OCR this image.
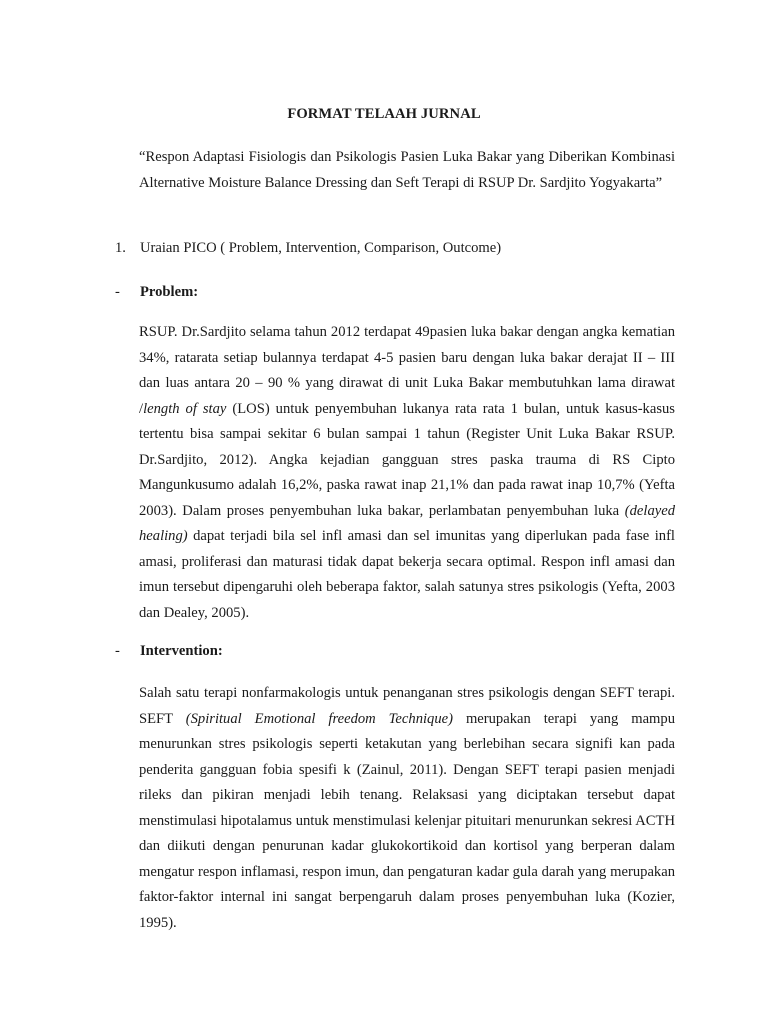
FORMAT TELAAH JURNAL
“Respon Adaptasi Fisiologis dan Psikologis Pasien Luka Bakar yang Diberikan Kombinasi Alternative Moisture Balance Dressing dan Seft Terapi di RSUP Dr. Sardjito Yogyakarta”
1. Uraian PICO ( Problem, Intervention, Comparison, Outcome)
- Problem:
RSUP. Dr.Sardjito selama tahun 2012 terdapat 49pasien luka bakar dengan angka kematian 34%, ratarata setiap bulannya terdapat 4-5 pasien baru dengan luka bakar derajat II – III dan luas antara 20 – 90 % yang dirawat di unit Luka Bakar membutuhkan lama dirawat /length of stay (LOS) untuk penyembuhan lukanya rata rata 1 bulan, untuk kasus-kasus tertentu bisa sampai sekitar 6 bulan sampai 1 tahun (Register Unit Luka Bakar RSUP. Dr.Sardjito, 2012). Angka kejadian gangguan stres paska trauma di RS Cipto Mangunkusumo adalah 16,2%, paska rawat inap 21,1% dan pada rawat inap 10,7% (Yefta 2003). Dalam proses penyembuhan luka bakar, perlambatan penyembuhan luka (delayed healing) dapat terjadi bila sel infl amasi dan sel imunitas yang diperlukan pada fase infl amasi, proliferasi dan maturasi tidak dapat bekerja secara optimal. Respon infl amasi dan imun tersebut dipengaruhi oleh beberapa faktor, salah satunya stres psikologis (Yefta, 2003 dan Dealey, 2005).
- Intervention:
Salah satu terapi nonfarmakologis untuk penanganan stres psikologis dengan SEFT terapi. SEFT (Spiritual Emotional freedom Technique) merupakan terapi yang mampu menurunkan stres psikologis seperti ketakutan yang berlebihan secara signifi kan pada penderita gangguan fobia spesifi k (Zainul, 2011). Dengan SEFT terapi pasien menjadi rileks dan pikiran menjadi lebih tenang. Relaksasi yang diciptakan tersebut dapat menstimulasi hipotalamus untuk menstimulasi kelenjar pituitari menurunkan sekresi ACTH dan diikuti dengan penurunan kadar glukokortikoid dan kortisol yang berperan dalam mengatur respon inflamasi, respon imun, dan pengaturan kadar gula darah yang merupakan faktor-faktor internal ini sangat berpengaruh dalam proses penyembuhan luka (Kozier, 1995).
